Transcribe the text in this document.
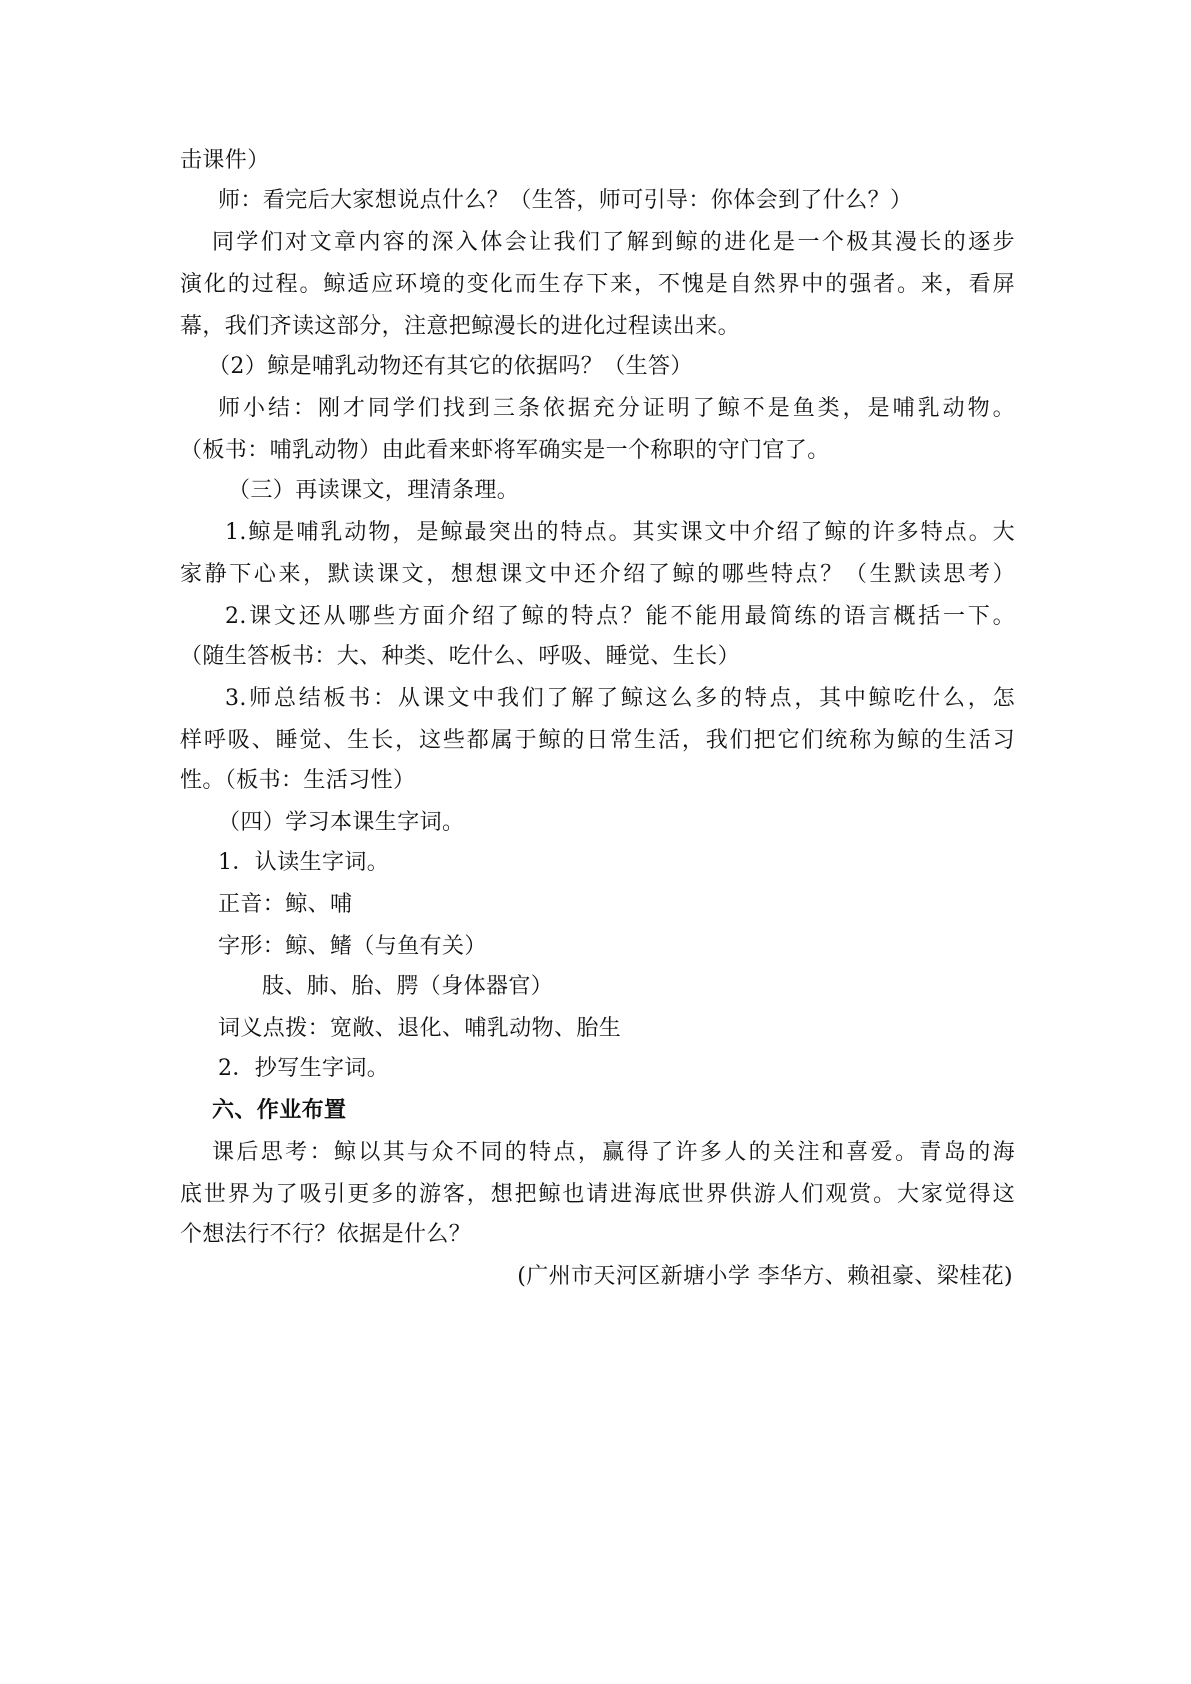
击课件）
师：看完后大家想说点什么？（生答，师可引导：你体会到了什么？）
同学们对文章内容的深入体会让我们了解到鲸的进化是一个极其漫长的逐步
演化的过程。鲸适应环境的变化而生存下来，不愧是自然界中的强者。来，看屏
幕，我们齐读这部分，注意把鲸漫长的进化过程读出来。
（2）鲸是哺乳动物还有其它的依据吗？（生答）
师小结：刚才同学们找到三条依据充分证明了鲸不是鱼类，是哺乳动物。
（板书：哺乳动物）由此看来虾将军确实是一个称职的守门官了。
（三）再读课文，理清条理。
1.鲸是哺乳动物，是鲸最突出的特点。其实课文中介绍了鲸的许多特点。大
家静下心来，默读课文，想想课文中还介绍了鲸的哪些特点？（生默读思考）
2.课文还从哪些方面介绍了鲸的特点？能不能用最简练的语言概括一下。
（随生答板书：大、种类、吃什么、呼吸、睡觉、生长）
3.师总结板书：从课文中我们了解了鲸这么多的特点，其中鲸吃什么，怎
样呼吸、睡觉、生长，这些都属于鲸的日常生活，我们把它们统称为鲸的生活习
性。（板书：生活习性）
（四）学习本课生字词。
1．认读生字词。
正音：鲸、哺
字形：鲸、鳍（与鱼有关）
肢、肺、胎、腭（身体器官）
词义点拨：宽敞、退化、哺乳动物、胎生
2．抄写生字词。
六、作业布置
课后思考：鲸以其与众不同的特点，赢得了许多人的关注和喜爱。青岛的海
底世界为了吸引更多的游客，想把鲸也请进海底世界供游人们观赏。大家觉得这
个想法行不行？依据是什么？
(广州市天河区新塘小学 李华方、赖祖豪、梁桂花)
